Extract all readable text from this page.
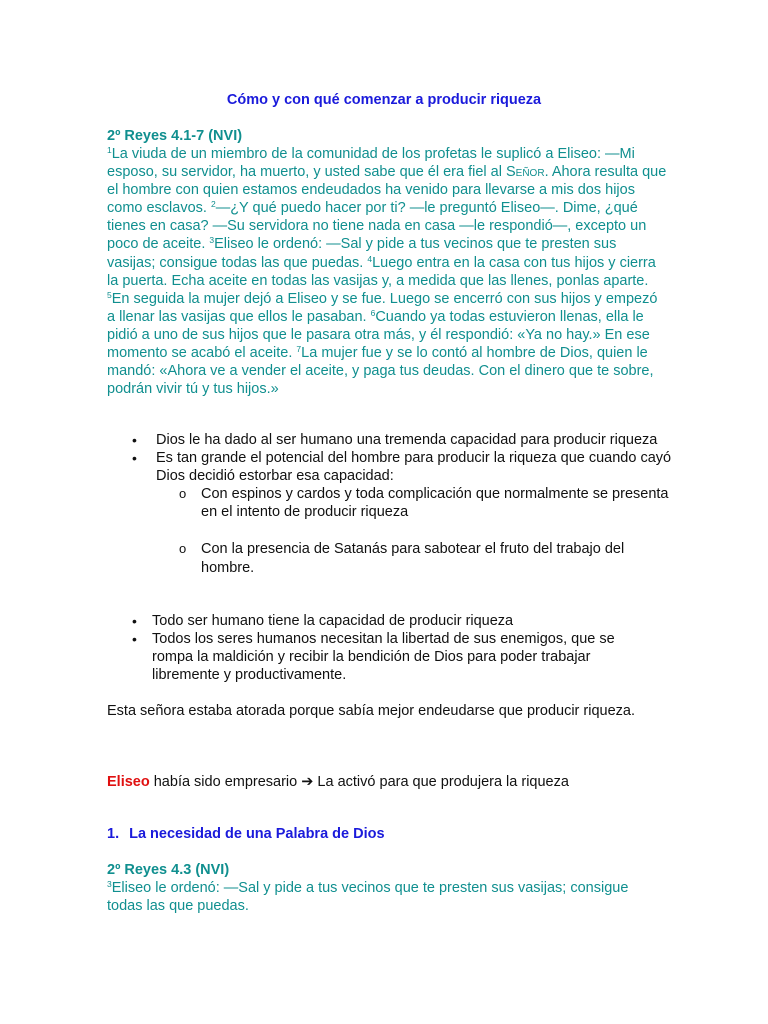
Cómo y con qué comenzar a producir riqueza
2º Reyes 4.1-7 (NVI)
$^1$La viuda de un miembro de la comunidad de los profetas le suplicó a Eliseo: —Mi esposo, su servidor, ha muerto, y usted sabe que él era fiel al Señor. Ahora resulta que el hombre con quien estamos endeudados ha venido para llevarse a mis dos hijos como esclavos. $^2$—¿Y qué puedo hacer por ti? —le preguntó Eliseo—. Dime, ¿qué tienes en casa? —Su servidora no tiene nada en casa —le respondió—, excepto un poco de aceite. $^3$Eliseo le ordenó: —Sal y pide a tus vecinos que te presten sus vasijas; consigue todas las que puedas. $^4$Luego entra en la casa con tus hijos y cierra la puerta. Echa aceite en todas las vasijas y, a medida que las llenes, ponlas aparte. $^5$En seguida la mujer dejó a Eliseo y se fue. Luego se encerró con sus hijos y empezó a llenar las vasijas que ellos le pasaban. $^6$Cuando ya todas estuvieron llenas, ella le pidió a uno de sus hijos que le pasara otra más, y él respondió: «Ya no hay.» En ese momento se acabó el aceite. $^7$La mujer fue y se lo contó al hombre de Dios, quien le mandó: «Ahora ve a vender el aceite, y paga tus deudas. Con el dinero que te sobre, podrán vivir tú y tus hijos.»
• Dios le ha dado al ser humano una tremenda capacidad para producir riqueza
• Es tan grande el potencial del hombre para producir la riqueza que cuando cayó Dios decidió estorbar esa capacidad:
o Con espinos y cardos y toda complicación que normalmente se presenta en el intento de producir riqueza
o Con la presencia de Satanás para sabotear el fruto del trabajo del hombre.
• Todo ser humano tiene la capacidad de producir riqueza
• Todos los seres humanos necesitan la libertad de sus enemigos, que se rompa la maldición y recibir la bendición de Dios para poder trabajar libremente y productivamente.
Esta señora estaba atorada porque sabía mejor endeudarse que producir riqueza.
Eliseo había sido empresario ➔ La activó para que produjera la riqueza
1. La necesidad de una Palabra de Dios
2º Reyes 4.3 (NVI)
$^3$Eliseo le ordenó: —Sal y pide a tus vecinos que te presten sus vasijas; consigue todas las que puedas.
